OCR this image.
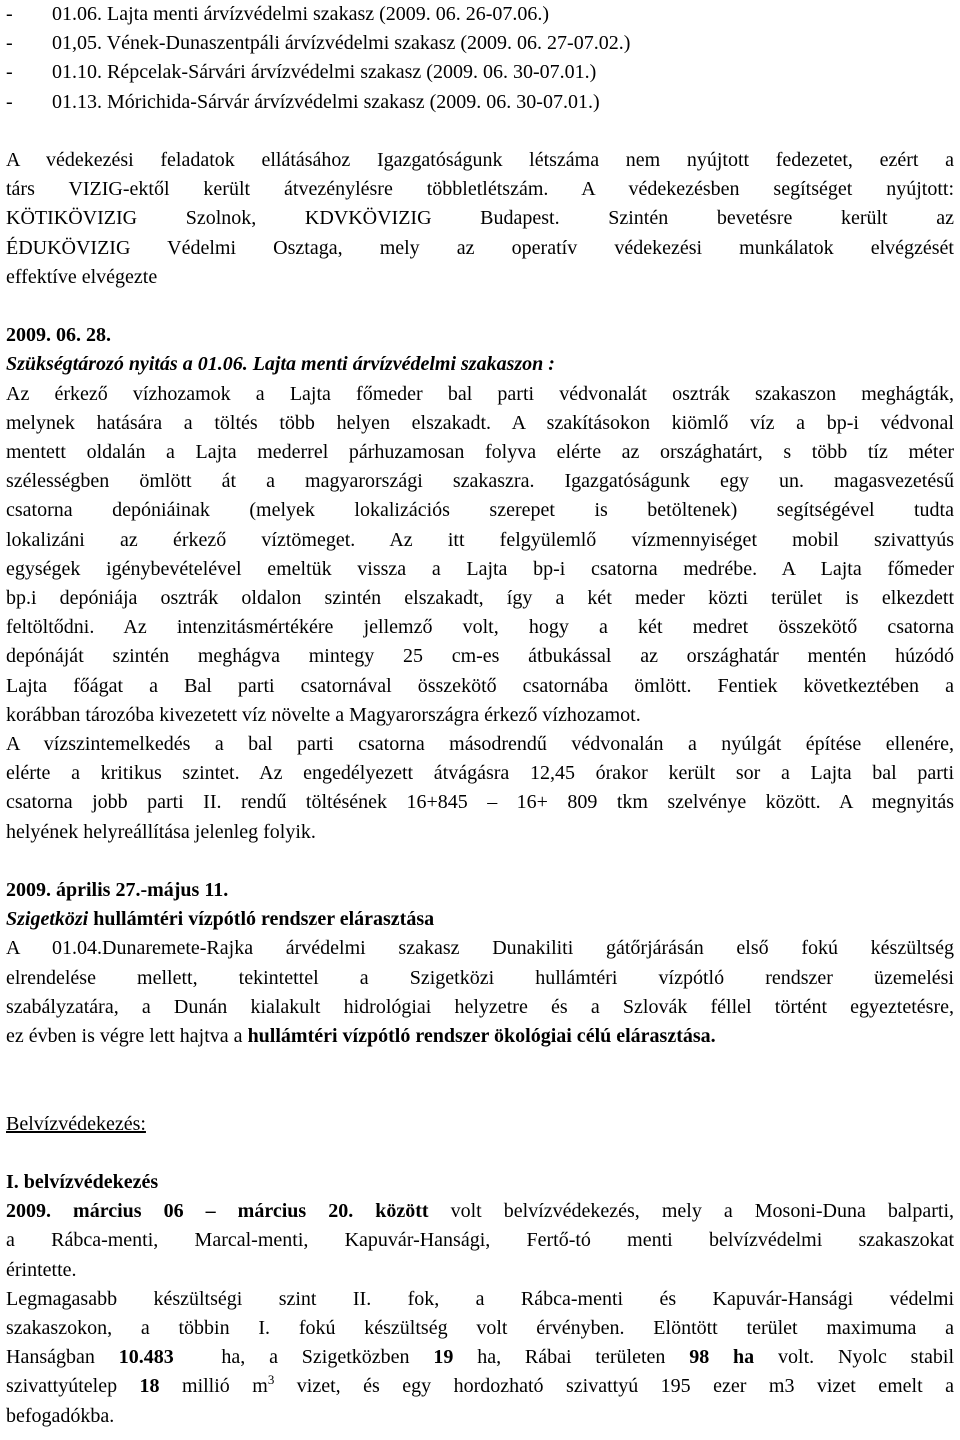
-	01.06. Lajta menti árvízvédelmi szakasz (2009. 06. 26-07.06.)
-	01,05. Vének-Dunaszentpáli árvízvédelmi szakasz (2009. 06. 27-07.02.)
-	01.10. Répcelak-Sárvári árvízvédelmi szakasz (2009. 06. 30-07.01.)
-	01.13. Mórichida-Sárvár árvízvédelmi szakasz (2009. 06. 30-07.01.)

A védekezési feladatok ellátásához Igazgatóságunk létszáma nem nyújtott fedezetet, ezért a
társ VIZIG-ektől került átvezénylésre többletlétszám. A védekezésben segítséget nyújtott:
KÖTIKÖVIZIG Szolnok, KDVKÖVIZIG Budapest. Szintén bevetésre került az
ÉDUKÖVIZIG Védelmi Osztaga, mely az operatív védekezési munkálatok elvégzését
effektíve elvégezte

2009. 06. 28.
Szükségtározó nyitás a 01.06. Lajta menti árvízvédelmi szakaszon :

Az érkező vízhozamok a Lajta főmeder bal parti védvonalát osztrák szakaszon meghágták,
melynek hatására a töltés több helyen elszakadt. A szakításokon kiömlő víz a bp-i védvonal
mentett oldalán a Lajta mederrel párhuzamosan folyva elérte az országhatárt, s több tíz méter
szélességben ömlött át a magyarországi szakaszra. Igazgatóságunk egy un. magasvezetésű
csatorna depóniáinak (melyek lokalizációs szerepet is betöltenek) segítségével tudta
lokalizáni az érkező víztömeget. Az itt felgyülemlő vízmennyiséget mobil szivattyús
egységek igénybevételével emeltük vissza a Lajta bp-i csatorna medrébe. A Lajta főmeder
bp.i depóniája osztrák oldalon szintén elszakadt, így a két meder közti terület is elkezdett
feltöltődni. Az intenzitásmértékére jellemző volt, hogy a két medret összekötő csatorna
depónáját szintén meghágva mintegy 25 cm-es átbukással az országhatár mentén húzódó
Lajta főágat a Bal parti csatornával összekötő csatornába ömlött. Fentiek következtében a
korábban tározóba kivezetett víz növelte a Magyarországra érkező vízhozamot.

A vízszintemelkedés a bal parti csatorna másodrendű védvonalán a nyúlgát építése ellenére,
elérte a kritikus szintet. Az engedélyezett átvágásra 12,45 órakor került sor a Lajta bal parti
csatorna jobb parti II. rendű töltésének 16+845 – 16+ 809 tkm szelvénye között. A megnyitás
helyének helyreállítása jelenleg folyik.

2009. április 27.-május 11.
Szigetközi hullámtéri vízpótló rendszer elárasztása

A 01.04.Dunaremete-Rajka árvédelmi szakasz Dunakiliti gátőrjárásán első fokú készültség
elrendelése mellett, tekintettel a Szigetközi hullámtéri vízpótló rendszer üzemelési
szabályzatára, a Dunán kialakult hidrológiai helyzetre és a Szlovák féllel történt egyeztetésre,
ez évben is végre lett hajtva a hullámtéri vízpótló rendszer ökológiai célú elárasztása.

Belvízvédekezés:
I. belvízvédekezés

2009. március 06 – március 20. között volt belvízvédekezés, mely a Mosoni-Duna balparti,
a Rábca-menti, Marcal-menti, Kapuvár-Hansági, Fertő-tó menti belvízvédelmi szakaszokat
érintette.

Legmagasabb készültségi szint II. fok, a Rábca-menti és Kapuvár-Hansági védelmi
szakaszokon, a többin I. fokú készültség volt érvényben. Elöntött terület maximuma a
Hanságban 10.483  ha, a Szigetközben 19 ha, Rábai területen 98 ha volt. Nyolc stabil
szivattyútelep 18 millió $m^3$ vizet, és egy hordozható szivattyú 195 ezer m3 vizet emelt a
befogadókba.
